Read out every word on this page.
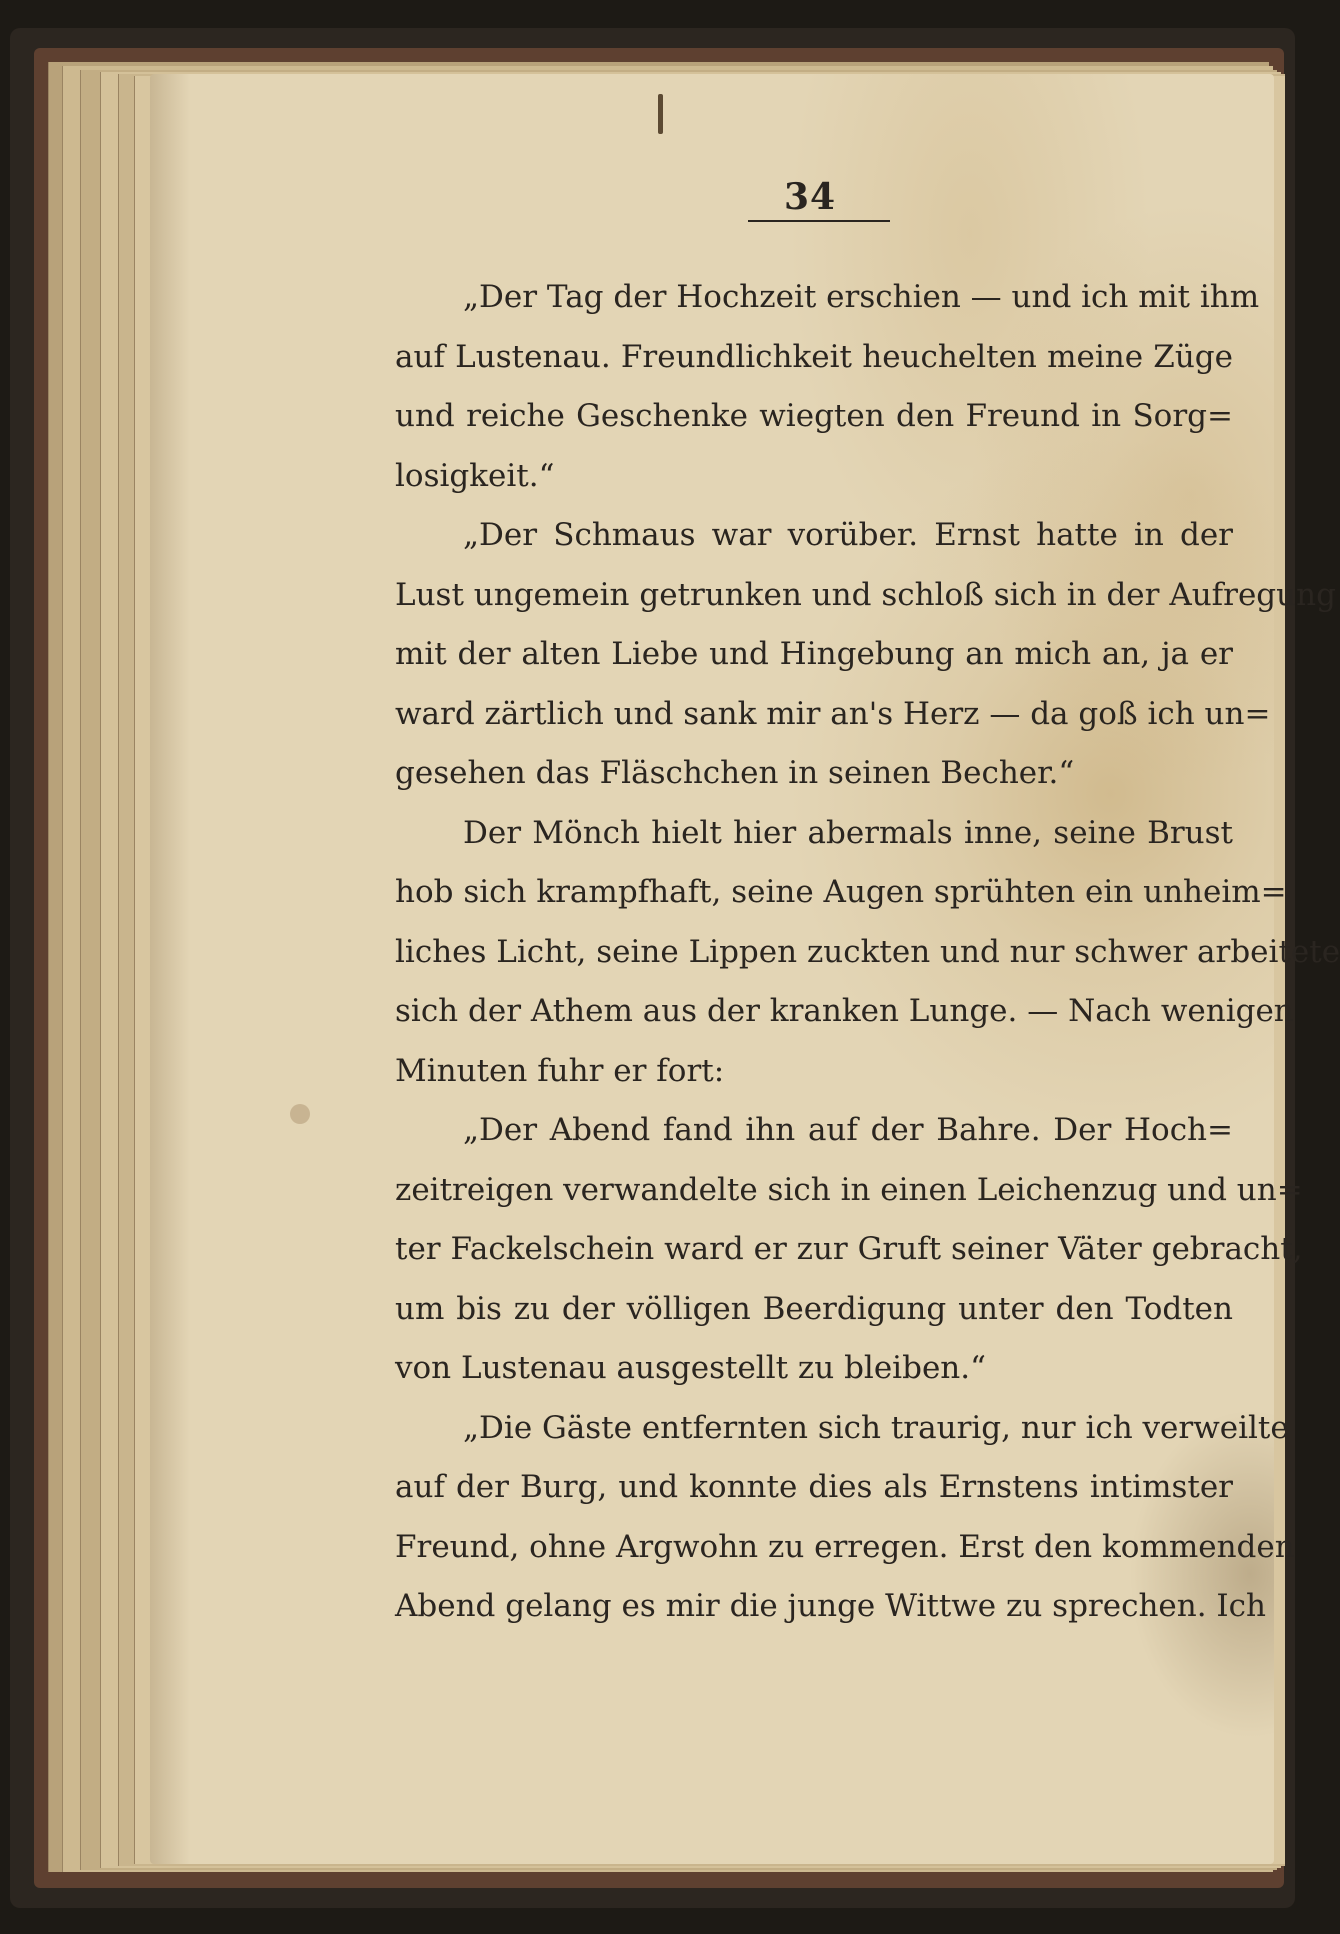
34
„Der Tag der Hochzeit erschien — und ich mit ihm
auf Lustenau. Freundlichkeit heuchelten meine Züge
und reiche Geschenke wiegten den Freund in Sorg=
losigkeit.“
„Der Schmaus war vorüber. Ernst hatte in der
Lust ungemein getrunken und schloß sich in der Aufregung
mit der alten Liebe und Hingebung an mich an, ja er
ward zärtlich und sank mir an's Herz — da goß ich un=
gesehen das Fläschchen in seinen Becher.“
Der Mönch hielt hier abermals inne, seine Brust
hob sich krampfhaft, seine Augen sprühten ein unheim=
liches Licht, seine Lippen zuckten und nur schwer arbeitete
sich der Athem aus der kranken Lunge. — Nach wenigen
Minuten fuhr er fort:
„Der Abend fand ihn auf der Bahre. Der Hoch=
zeitreigen verwandelte sich in einen Leichenzug und un=
ter Fackelschein ward er zur Gruft seiner Väter gebracht,
um bis zu der völligen Beerdigung unter den Todten
von Lustenau ausgestellt zu bleiben.“
„Die Gäste entfernten sich traurig, nur ich verweilte
auf der Burg, und konnte dies als Ernstens intimster
Freund, ohne Argwohn zu erregen. Erst den kommenden
Abend gelang es mir die junge Wittwe zu sprechen. Ich
